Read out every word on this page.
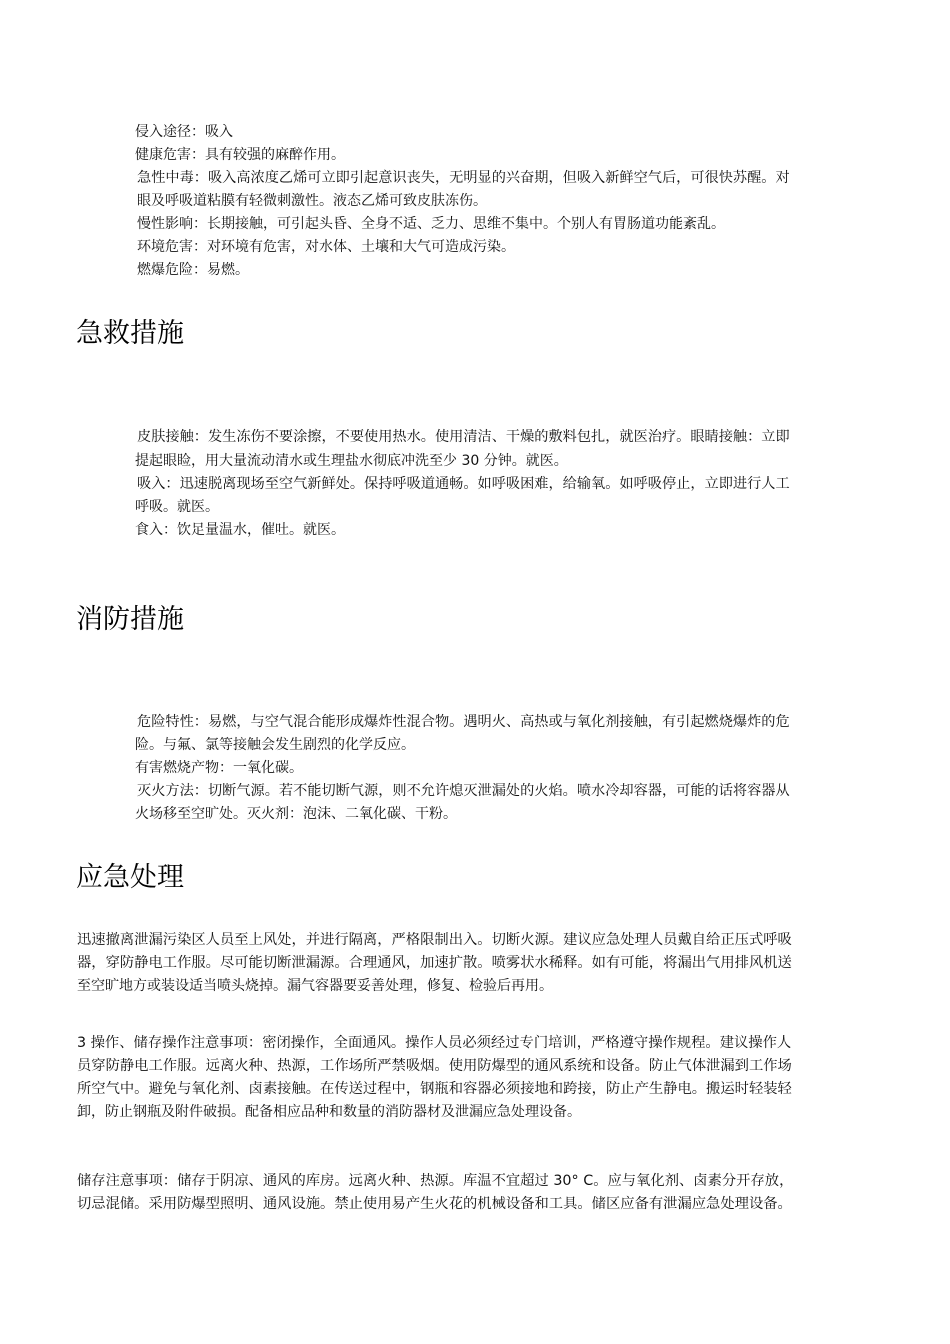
侵入途径：吸入
健康危害：具有较强的麻醉作用。
急性中毒：吸入高浓度乙烯可立即引起意识丧失，无明显的兴奋期，但吸入新鲜空气后，可很快苏醒。对
眼及呼吸道粘膜有轻微刺激性。液态乙烯可致皮肤冻伤。
慢性影响：长期接触，可引起头昏、全身不适、乏力、思维不集中。个别人有胃肠道功能紊乱。
环境危害：对环境有危害，对水体、土壤和大气可造成污染。
燃爆危险：易燃。
急救措施
皮肤接触：发生冻伤不要涂擦，不要使用热水。使用清洁、干燥的敷料包扎，就医治疗。眼睛接触：立即
提起眼睑，用大量流动清水或生理盐水彻底冲洗至少 30 分钟。就医。
吸入：迅速脱离现场至空气新鲜处。保持呼吸道通畅。如呼吸困难，给输氧。如呼吸停止，立即进行人工
呼吸。就医。
食入：饮足量温水，催吐。就医。
消防措施
危险特性：易燃，与空气混合能形成爆炸性混合物。遇明火、高热或与氧化剂接触，有引起燃烧爆炸的危
险。与氟、氯等接触会发生剧烈的化学反应。
有害燃烧产物：一氧化碳。
灭火方法：切断气源。若不能切断气源，则不允许熄灭泄漏处的火焰。喷水冷却容器，可能的话将容器从
火场移至空旷处。灭火剂：泡沫、二氧化碳、干粉。
应急处理
迅速撤离泄漏污染区人员至上风处，并进行隔离，严格限制出入。切断火源。建议应急处理人员戴自给正压式呼吸
器，穿防静电工作服。尽可能切断泄漏源。合理通风，加速扩散。喷雾状水稀释。如有可能，将漏出气用排风机送
至空旷地方或装设适当喷头烧掉。漏气容器要妥善处理，修复、检验后再用。
3 操作、储存操作注意事项：密闭操作，全面通风。操作人员必须经过专门培训，严格遵守操作规程。建议操作人
员穿防静电工作服。远离火种、热源，工作场所严禁吸烟。使用防爆型的通风系统和设备。防止气体泄漏到工作场
所空气中。避免与氧化剂、卤素接触。在传送过程中，钢瓶和容器必须接地和跨接，防止产生静电。搬运时轻装轻
卸，防止钢瓶及附件破损。配备相应品种和数量的消防器材及泄漏应急处理设备。
储存注意事项：储存于阴凉、通风的库房。远离火种、热源。库温不宜超过 30° C。应与氧化剂、卤素分开存放，
切忌混储。采用防爆型照明、通风设施。禁止使用易产生火花的机械设备和工具。储区应备有泄漏应急处理设备。
